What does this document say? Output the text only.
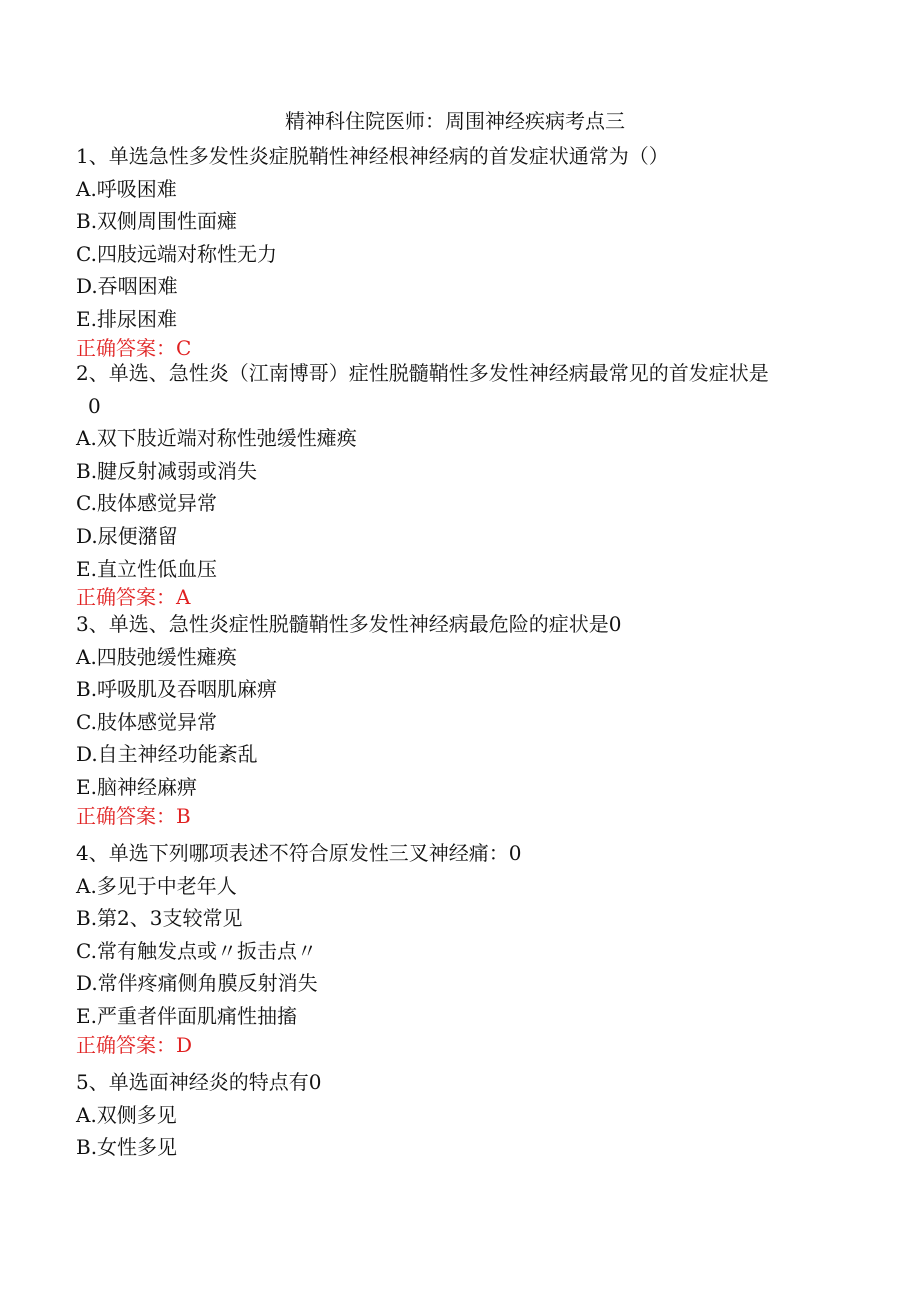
精神科住院医师：周围神经疾病考点三
1、单选急性多发性炎症脱鞘性神经根神经病的首发症状通常为（）
A.呼吸困难
B.双侧周围性面瘫
C.四肢远端对称性无力
D.吞咽困难
E.排尿困难
正确答案：C
2、单选、急性炎（江南博哥）症性脱髓鞘性多发性神经病最常见的首发症状是
0
A.双下肢近端对称性弛缓性瘫痪
B.腱反射减弱或消失
C.肢体感觉异常
D.尿便潴留
E.直立性低血压
正确答案：A
3、单选、急性炎症性脱髓鞘性多发性神经病最危险的症状是0
A.四肢弛缓性瘫痪
B.呼吸肌及吞咽肌麻痹
C.肢体感觉异常
D.自主神经功能紊乱
E.脑神经麻痹
正确答案：B
4、单选下列哪项表述不符合原发性三叉神经痛：0
A.多见于中老年人
B.第2、3支较常见
C.常有触发点或〃扳击点〃
D.常伴疼痛侧角膜反射消失
E.严重者伴面肌痛性抽搐
正确答案：D
5、单选面神经炎的特点有0
A.双侧多见
B.女性多见
